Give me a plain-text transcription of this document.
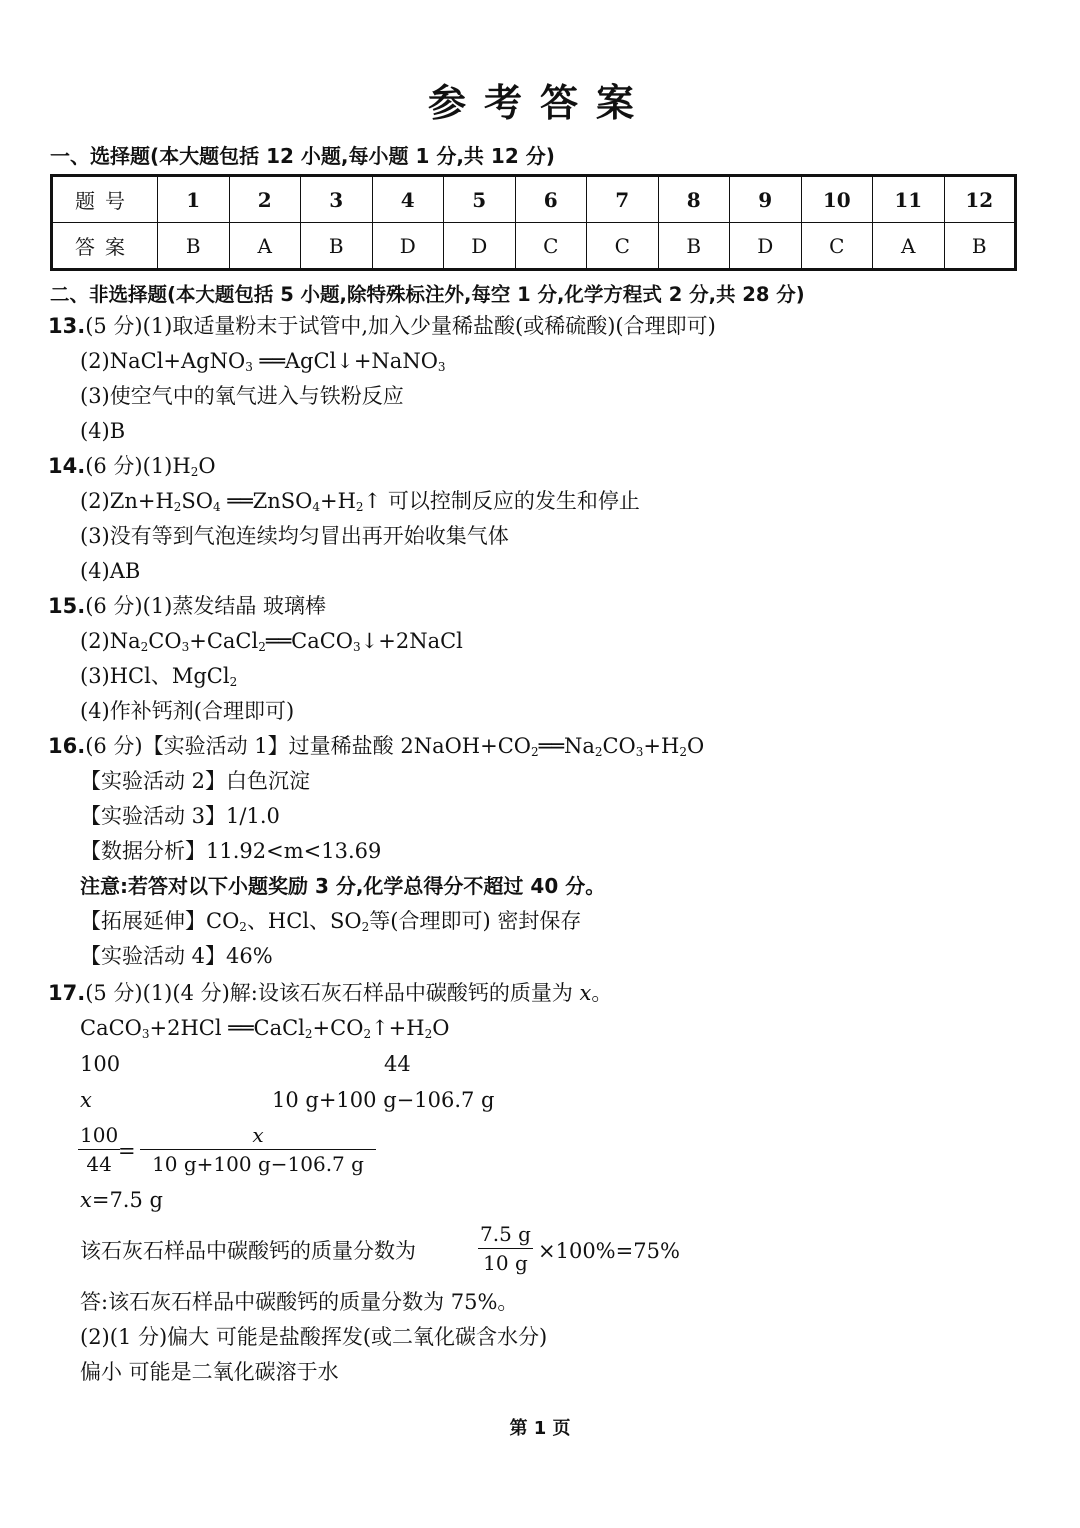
参考答案
一、选择题(本大题包括 12 小题,每小题 1 分,共 12 分)
题号	1	2	3	4	5	6	7	8	9	10	11	12
答案	B	A	B	D	D	C	C	B	D	C	A	B
二、非选择题(本大题包括 5 小题,除特殊标注外,每空 1 分,化学方程式 2 分,共 28 分)
13.(5 分)(1)取适量粉末于试管中,加入少量稀盐酸(或稀硫酸)(合理即可)
(2)NaCl+AgNO$_3$ ══AgCl↓+NaNO$_3$
(3)使空气中的氧气进入与铁粉反应
(4)B
14.(6 分)$(1)H_2O$
$(2)Zn+H_2SO_4$ $══ZnSO_4+H_2↑$ 可以控制反应的发生和停止
(3)没有等到气泡连续均匀冒出再开始收集气体
(4)AB
15.(6 分)(1)蒸发结晶 玻璃棒
$(2)Na_2CO_3+CaCl_2══CaCO_3↓+2NaCl$
(3)HCl、MgCl$_2$
(4)作补钙剂(合理即可)
16.(6 分)【实验活动 1】过量稀盐酸 $2NaOH+CO_2══Na_2CO_3+H_2O$
【实验活动 2】白色沉淀
【实验活动 3】1/1.0
【数据分析】11.92<m<13.69
注意:若答对以下小题奖励 3 分,化学总得分不超过 40 分。
【拓展延伸】$CO_2$、HCl、$SO_2$等(合理即可) 密封保存
【实验活动 4】46%
17.(5 分)(1)(4 分)解:设该石灰石样品中碳酸钙的质量为 x。
CaCO$_3$+2HCl $══CaCl_2+CO_2↑+H_2O$
100	44
x	10 g+100 g−106.7 g
$\frac{100}{44}$
= $\frac{x}{10 g+100 g-106.7 g}$
x=7.5 g
该石灰石样品中碳酸钙的质量分数为	$\frac{7.5 g}{10 g} \times 100\%=75\%$
答:该石灰石样品中碳酸钙的质量分数为 75%。
(2)(1 分)偏大 可能是盐酸挥发(或二氧化碳含水分)
偏小 可能是二氧化碳溶于水
第 1 页
